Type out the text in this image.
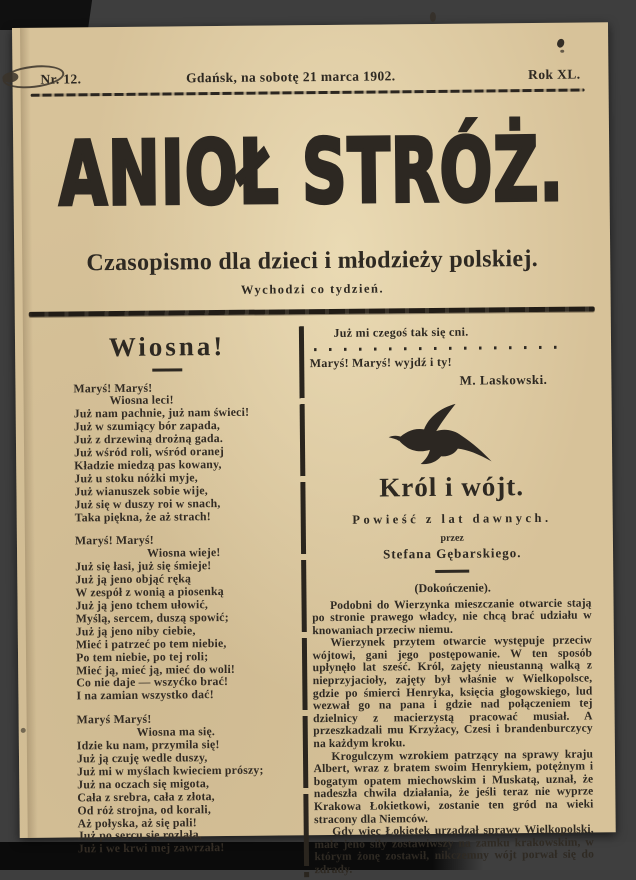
Nr. 12.	Gdańsk, na sobotę 21 marca 1902.	Rok XL.
ANIOŁ STRÓŻ.
Czasopismo dla dzieci i młodzieży polskiej.
Wychodzi co tydzień.
Wiosna!
Maryś! Maryś!
   Wiosna leci!
Już nam pachnie, już nam świeci!
Już w szumiący bór zapada,
Już z drzewiną drożną gada.
Już wśród roli, wśród oranej
Kładzie miedzą pas kowany,
Już u stoku nóżki myje,
Już wianuszek sobie wije,
Już się w duszy roi w snach,
Taka piękna, że aż strach!
Maryś! Maryś!
      Wiosna wieje!
Już się łasi, już się śmieje!
Już ją jeno objąć ręką
W zespół z wonią a piosenką
Już ją jeno tchem ułowić,
Myślą, sercem, duszą spowić;
Już ją jeno niby ciebie,
Mieć i patrzeć po tem niebie,
Po tem niebie, po tej roli;
Mieć ją, mieć ją, mieć do woli!
Co nie daje — wszyćko brać!
I na zamian wszystko dać!
Maryś Maryś!
     Wiosna ma się.
Idzie ku nam, przymila się!
Już ją czuję wedle duszy,
Już mi w myślach kwieciem prószy;
Już na oczach się migota,
Cała z srebra, cała z złota,
Od róż strojna, od korali,
Aż połyska, aż się pali!
Już po sercu się rozlała,
Już i we krwi mej zawrzała!
Już mi czegoś tak się cni.
Maryś! Maryś! wyjdź i ty!
M. Laskowski.
Król i wójt.
Powieść z lat dawnych.
przez
Stefana Gębarskiego.
(Dokończenie).

Podobni do Wierzynka mieszczanie otwarcie stają po stronie prawego władcy, nie chcą brać udziału w knowaniach przeciw niemu.

Wierzynek przytem otwarcie występuje przeciw wójtowi, gani jego postępowanie. W ten sposób upłynęło lat sześć. Król, zajęty nieustanną walką z nieprzyjacioły, zajęty był właśnie w Wielkopolsce, gdzie po śmierci Henryka, księcia głogowskiego, lud wezwał go na pana i gdzie nad połączeniem tej dzielnicy z macierzystą pracować musiał. A przeszkadzali mu Krzyżacy, Czesi i brandenburczycy na każdym kroku.

Krogulczym wzrokiem patrzący na sprawy kraju Albert, wraz z bratem swoim Henrykiem, potężnym i bogatym opatem miechowskim i Muskatą, uznał, że nadeszła chwila działania, że jeśli teraz nie wyprze Krakowa Łokietkowi, zostanie ten gród na wieki stracony dla Niemców.

Gdy więc Łokietek urządzał sprawy Wielkopolski, małe jeno siły zostawiwszy na zamku krakowskim, w którym żonę zostawił, nikczemny wójt porwał się do zdrady.
